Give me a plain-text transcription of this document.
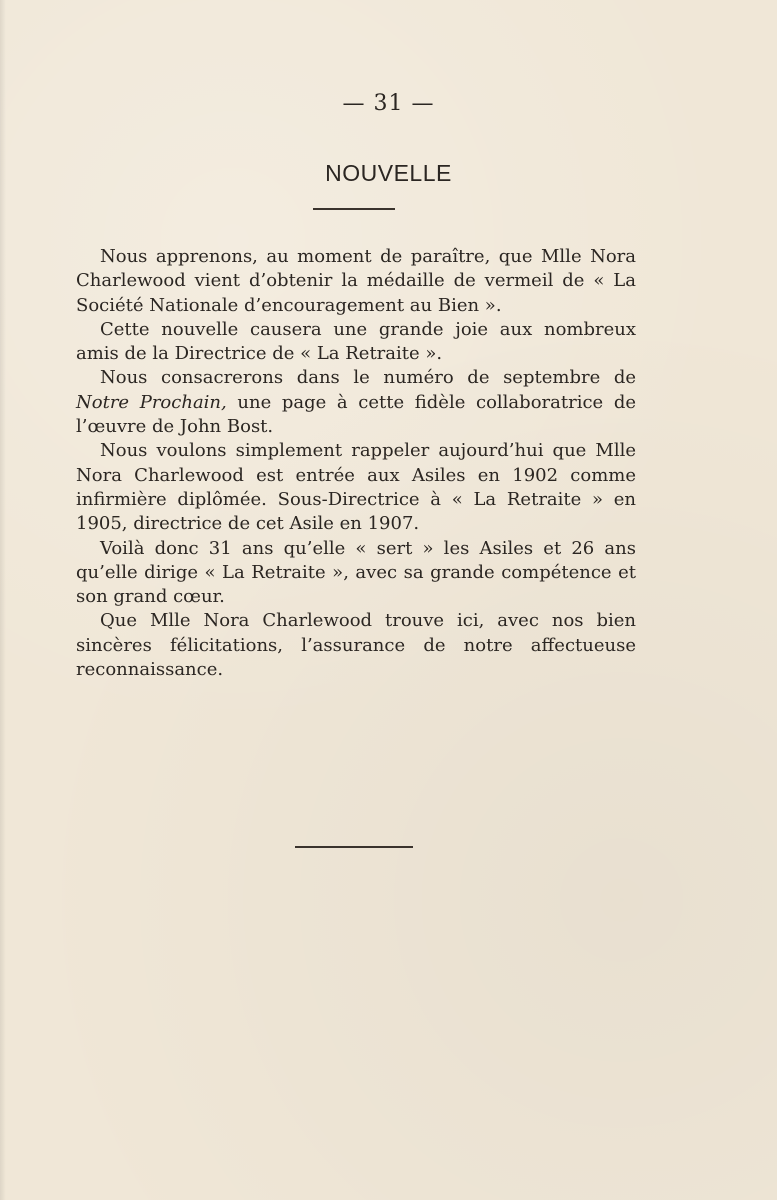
— 31 —
NOUVELLE

Nous apprenons, au moment de paraître, que Mlle Nora Charlewood vient d’obtenir la médaille de vermeil de « La Société Nationale d’encouragement au Bien ».

Cette nouvelle causera une grande joie aux nombreux amis de la Directrice de « La Retraite ».

Nous consacrerons dans le numéro de septembre de Notre Prochain, une page à cette fidèle collaboratrice de l’œuvre de John Bost.

Nous voulons simplement rappeler aujourd’hui que Mlle Nora Charlewood est entrée aux Asiles en 1902 comme infirmière diplômée. Sous-Directrice à « La Retraite » en 1905, directrice de cet Asile en 1907.

Voilà donc 31 ans qu’elle « sert » les Asiles et 26 ans qu’elle dirige « La Retraite », avec sa grande compétence et son grand cœur.

Que Mlle Nora Charlewood trouve ici, avec nos bien sincères félicitations, l’assurance de notre affectueuse reconnaissance.
